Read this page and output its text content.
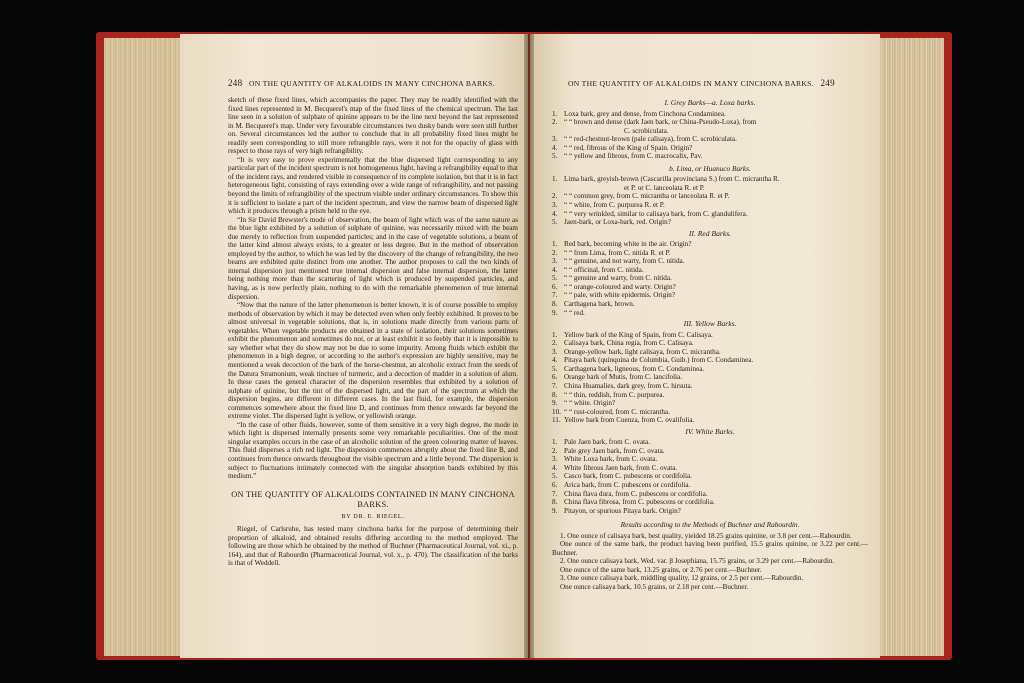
248 ON THE QUANTITY OF ALKALOIDS IN MANY CINCHONA BARKS.

sketch of these fixed lines, which accompanies the paper. They may be readily identified with the fixed lines represented in M. Becquerel's map of the fixed lines of the chemical spectrum. The last line seen in a solution of sulphate of quinine appears to be the line next beyond the last represented in M. Becquerel's map. Under very favourable circumstances two dusky bands were seen still further on. Several circumstances led the author to conclude that in all probability fixed lines might be readily seen corresponding to still more refrangible rays, were it not for the opacity of glass with respect to those rays of very high refrangibility.

“It is very easy to prove experimentally that the blue dispersed light corresponding to any particular part of the incident spectrum is not homogeneous light, having a refrangibility equal to that of the incident rays, and rendered visible in consequence of its complete isolation, but that it is in fact heterogeneous light, consisting of rays extending over a wide range of refrangibility, and not passing beyond the limits of refrangibility of the spectrum visible under ordinary circumstances. To show this it is sufficient to isolate a part of the incident spectrum, and view the narrow beam of dispersed light which it produces through a prism held to the eye.

“In Sir David Brewster's mode of observation, the beam of light which was of the same nature as the blue light exhibited by a solution of sulphate of quinine, was necessarily mixed with the beam due merely to reflection from suspended particles; and in the case of vegetable solutions, a beam of the latter kind almost always exists, to a greater or less degree. But in the method of observation employed by the author, to which he was led by the discovery of the change of refrangibility, the two beams are exhibited quite distinct from one another. The author proposes to call the two kinds of internal dispersion just mentioned true internal dispersion and false internal dispersion, the latter being nothing more than the scattering of light which is produced by suspended particles, and having, as is now perfectly plain, nothing to do with the remarkable phenomenon of true internal dispersion.

“Now that the nature of the latter phenomenon is better known, it is of course possible to employ methods of observation by which it may be detected even when only feebly exhibited. It proves to be almost universal in vegetable solutions, that is, in solutions made directly from various parts of vegetables. When vegetable products are obtained in a state of isolation, their solutions sometimes exhibit the phenomenon and sometimes do not, or at least exhibit it so feebly that it is impossible to say whether what they do show may not be due to some impurity. Among fluids which exhibit the phenomenon in a high degree, or according to the author's expression are highly sensitive, may be mentioned a weak decoction of the bark of the horse-chestnut, an alcoholic extract from the seeds of the Datura Stramonium, weak tincture of turmeric, and a decoction of madder in a solution of alum. In these cases the general character of the dispersion resembles that exhibited by a solution of sulphate of quinine, but the tint of the dispersed light, and the part of the spectrum at which the dispersion begins, are different in different cases. In the last fluid, for example, the dispersion commences somewhere about the fixed line D, and continues from thence onwards far beyond the extreme violet. The dispersed light is yellow, or yellowish orange.

“In the case of other fluids, however, some of them sensitive in a very high degree, the mode in which light is dispersed internally presents some very remarkable peculiarities. One of the most singular examples occurs in the case of an alcoholic solution of the green colouring matter of leaves. This fluid disperses a rich red light. The dispersion commences abruptly about the fixed line B, and continues from thence onwards throughout the visible spectrum and a little beyond. The dispersion is subject to fluctuations intimately connected with the singular absorption bands exhibited by this medium.”

ON THE QUANTITY OF ALKALOIDS CONTAINED IN MANY CINCHONA BARKS.
BY DR. E. RIEGEL.

Riegel, of Carlsruhe, has tested many cinchona barks for the purpose of determining their proportion of alkaloid, and obtained results differing according to the method employed. The following are those which he obtained by the method of Buchner (Pharmaceutical Journal, vol. xi., p. 164), and that of Rabourdin (Pharmaceutical Journal, vol. x., p. 470). The classification of the barks is that of Weddell.

ON THE QUANTITY OF ALKALOIDS IN MANY CINCHONA BARKS. 249
I. Grey Barks—a. Loxa barks.
1. Loxa bark, grey and dense, from Cinchona Condaminea.
2. “ “ brown and dense (dark Jaen bark, or China-Pseudo-Loxa), from
C. scrobiculata.
3. “ “ red-chestnut-brown (pale calisaya), from C. scrobiculata.
4. “ “ red, fibrous of the King of Spain. Origin?
5. “ “ yellow and fibrous, from C. macrocalix, Pav.
b. Lima, or Huanuco Barks.
1. Lima bark, greyish-brown (Cascarilla provinciana S.) from C. micrantha R.
et P. or C. lanceolata R. et P.
2. “ “ common grey, from C. micrantha or lanceolata R. et P.
3. “ “ white, from C. purpurea R. et P.
4. “ “ very wrinkled, similar to calisaya bark, from C. glandulifera.
5. Jaen-bark, or Loxa-bark, red. Origin?
II. Red Barks.
1. Red bark, becoming white in the air. Origin?
2. “ “ from Lima, from C. nitida R. et P.
3. “ “ genuine, and not warty, from C. nitida.
4. “ “ officinal, from C. nitida.
5. “ “ genuine and warty, from C. nitida.
6. “ “ orange-coloured and warty. Origin?
7. “ “ pale, with white epidermis. Origin?
8. Carthagena bark, brown.
9. “ “ red.
III. Yellow Barks.
1. Yellow bark of the King of Spain, from C. Calisaya.
2. Calisaya bark, China regia, from C. Calisaya.
3. Orange-yellow bark, light calisaya, from C. micrantha.
4. Pitaya bark (quinquina de Columbia, Guib.) from C. Condaminea.
5. Carthagena bark, ligneous, from C. Condaminea.
6. Orange bark of Mutis, from C. lancifolia.
7. China Huamalies, dark grey, from C. hirsuta.
8. “ “ thin, reddish, from C. purpurea.
9. “ “ white. Origin?
10. “ “ rust-coloured, from C. micrantha.
11. Yellow bark from Cuenza, from C. ovalifolia.
IV. White Barks.
1. Pale Jaen bark, from C. ovata.
2. Pale grey Jaen bark, from C. ovata.
3. White Loxa bark, from C. ovata.
4. White fibrous Jaen bark, from C. ovata.
5. Casco bark, from C. pubescens or cordifolia.
6. Arica bark, from C. pubescens or cordifolia.
7. China flava dura, from C. pubescens or cordifolia.
8. China flava fibrosa, from C. pubescens or cordifolia.
9. Pitayon, or spurious Pitaya bark. Origin?
Results according to the Methods of Buchner and Rabourdin.

1. One ounce of calisaya bark, best quality, yielded 18.25 grains quinine, or 3.8 per cent.—Rabourdin.

One ounce of the same bark, the product having been purified, 15.5 grains quinine, or 3.22 per cent.—Buchner.

2. One ounce calisaya bark, Wed. var. β Josephiana, 15.75 grains, or 3.29 per cent.—Rabourdin.

One ounce of the same bark, 13.25 grains, or 2.76 per cent.—Buchner.

3. One ounce calisaya bark, middling quality, 12 grains, or 2.5 per cent.—Rabourdin.

One ounce calisaya bark, 10.5 grains, or 2.18 per cent.—Buchner.
